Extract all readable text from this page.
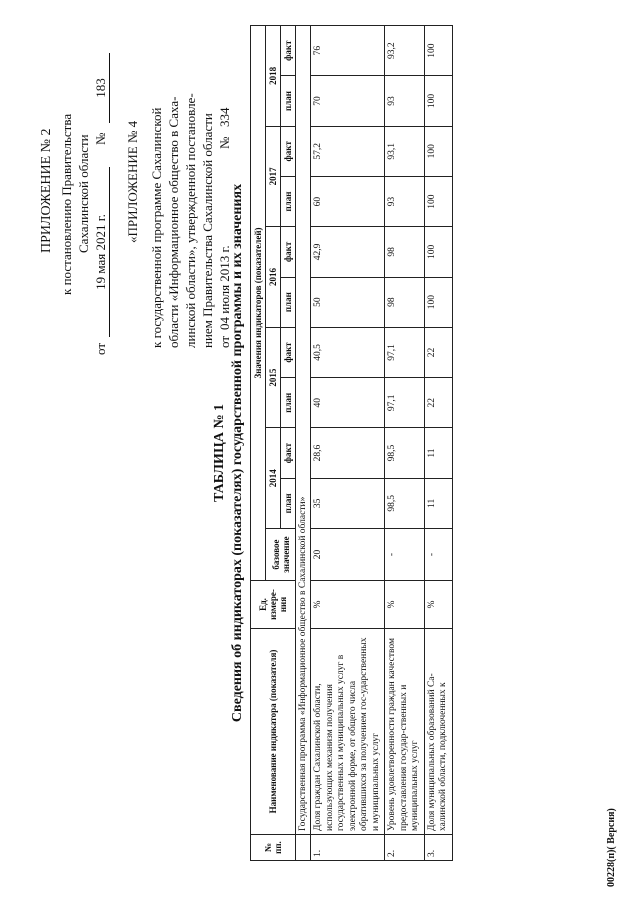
ПРИЛОЖЕНИЕ № 2 к постановлению Правительства Сахалинской области
от
19 мая 2021 г.
№
183
«ПРИЛОЖЕНИЕ № 4 к государственной программе Сахалинской области «Информационное общество в Саха- линской области», утвержденной постановле- нием Правительства Сахалинской области от
04 июля 2013 г.
№
334
ТАБЛИЦА № 1 Сведения об индикаторах (показателях) государственной программы и их значениях
№ пп.	Наименование индикатора (показателя)	Ед. измере-ния	Значения индикаторов (показателей)										
			базовое значение	2014		2015		2016		2017		2018	
				план	факт	план	факт	план	факт	план	факт	план	факт
	Государственная программа «Информационное общество в Сахалинской области»												
1.	Доля граждан Сахалинской области, использующих механизм получения государственных и муниципальных услуг в электронной форме, от общего числа обратившихся за получением гос-ударственных и муниципальных услуг	%	20	35	28,6	40	40,5	50	42,9	60	57,2	70	76
2.	Уровень удовлетворенности граждан качеством предоставления государ-ственных и муниципальных услуг	%	-	98,5	98,5	97,1	97,1	98	98	93	93,1	93	93,2
3.	Доля муниципальных образований Са-халинской области, подключенных к	%	-	11	11	22	22	100	100	100	100	100	100
00228(п)( Версия)
